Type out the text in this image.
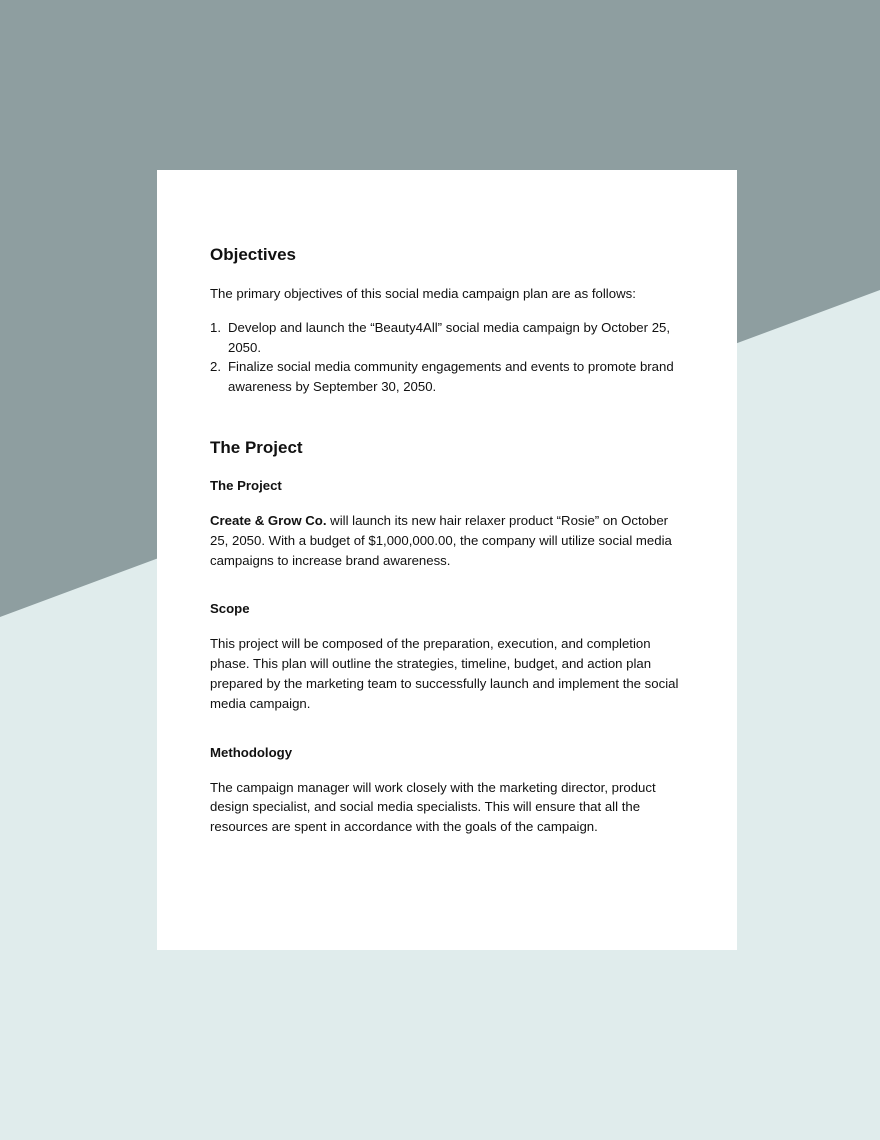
Objectives

The primary objectives of this social media campaign plan are as follows:

1. Develop and launch the “Beauty4All” social media campaign by October 25, 2050.
2. Finalize social media community engagements and events to promote brand awareness by September 30, 2050.
The Project
The Project

Create & Grow Co. will launch its new hair relaxer product “Rosie” on October 25, 2050. With a budget of $1,000,000.00, the company will utilize social media campaigns to increase brand awareness.

Scope

This project will be composed of the preparation, execution, and completion phase. This plan will outline the strategies, timeline, budget, and action plan prepared by the marketing team to successfully launch and implement the social media campaign.

Methodology

The campaign manager will work closely with the marketing director, product design specialist, and social media specialists. This will ensure that all the resources are spent in accordance with the goals of the campaign.
